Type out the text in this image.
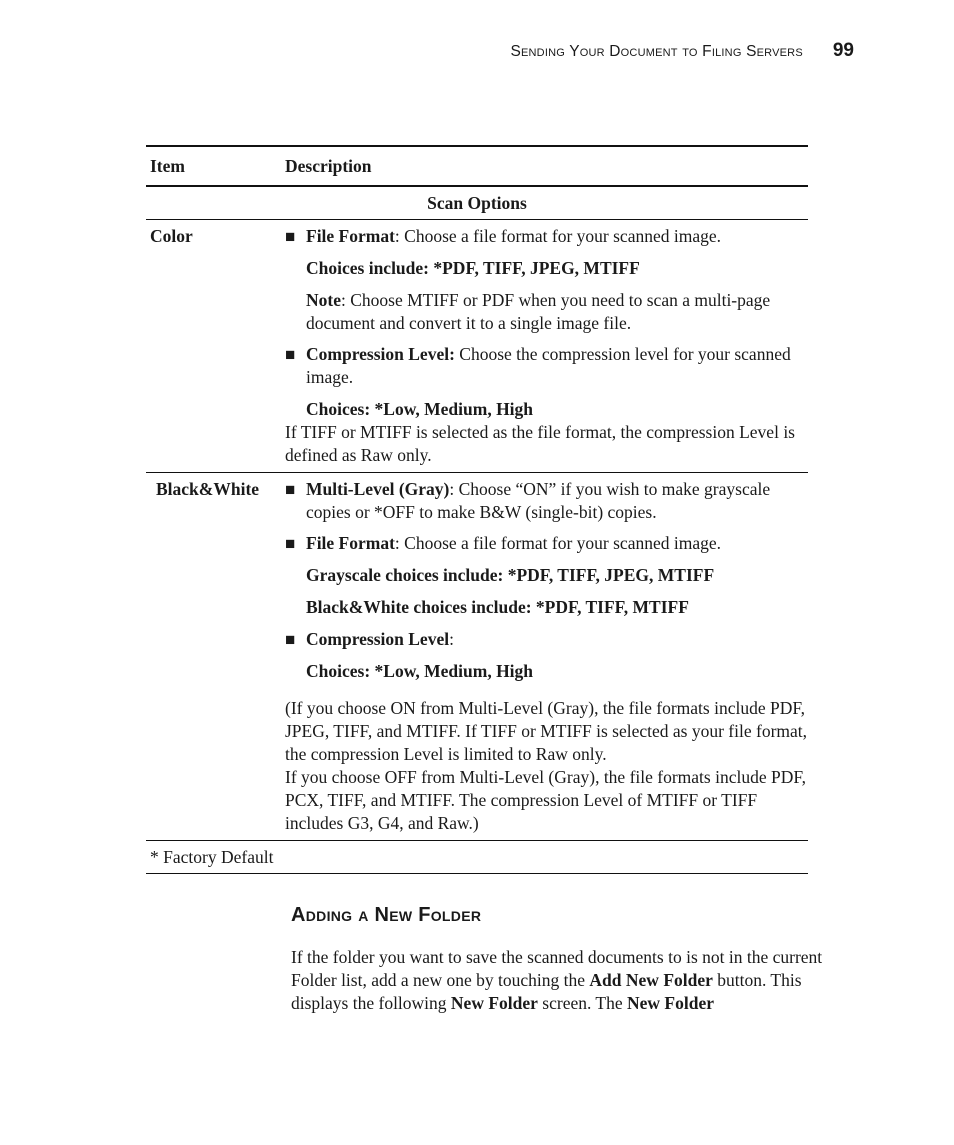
Sending Your Document to Filing Servers 99
Item	Description
Scan Options
Color	■ File Format: Choose a file format for your scanned image.
Choices include: *PDF, TIFF, JPEG, MTIFF
Note: Choose MTIFF or PDF when you need to scan a multi-page document and convert it to a single image file.
■ Compression Level: Choose the compression level for your scanned image.
Choices: *Low, Medium, High
If TIFF or MTIFF is selected as the file format, the compression Level is defined as Raw only.
Black&White	■ Multi-Level (Gray): Choose “ON” if you wish to make grayscale copies or *OFF to make B&W (single-bit) copies.
■ File Format: Choose a file format for your scanned image.
Grayscale choices include: *PDF, TIFF, JPEG, MTIFF
Black&White choices include: *PDF, TIFF, MTIFF
■ Compression Level:
Choices: *Low, Medium, High
(If you choose ON from Multi-Level (Gray), the file formats include PDF, JPEG, TIFF, and MTIFF. If TIFF or MTIFF is selected as your file format, the compression Level is limited to Raw only.
If you choose OFF from Multi-Level (Gray), the file formats include PDF, PCX, TIFF, and MTIFF. The compression Level of MTIFF or TIFF includes G3, G4, and Raw.)
* Factory Default
Adding a New Folder
If the folder you want to save the scanned documents to is not in the current Folder list, add a new one by touching the Add New Folder button. This displays the following New Folder screen. The New Folder
